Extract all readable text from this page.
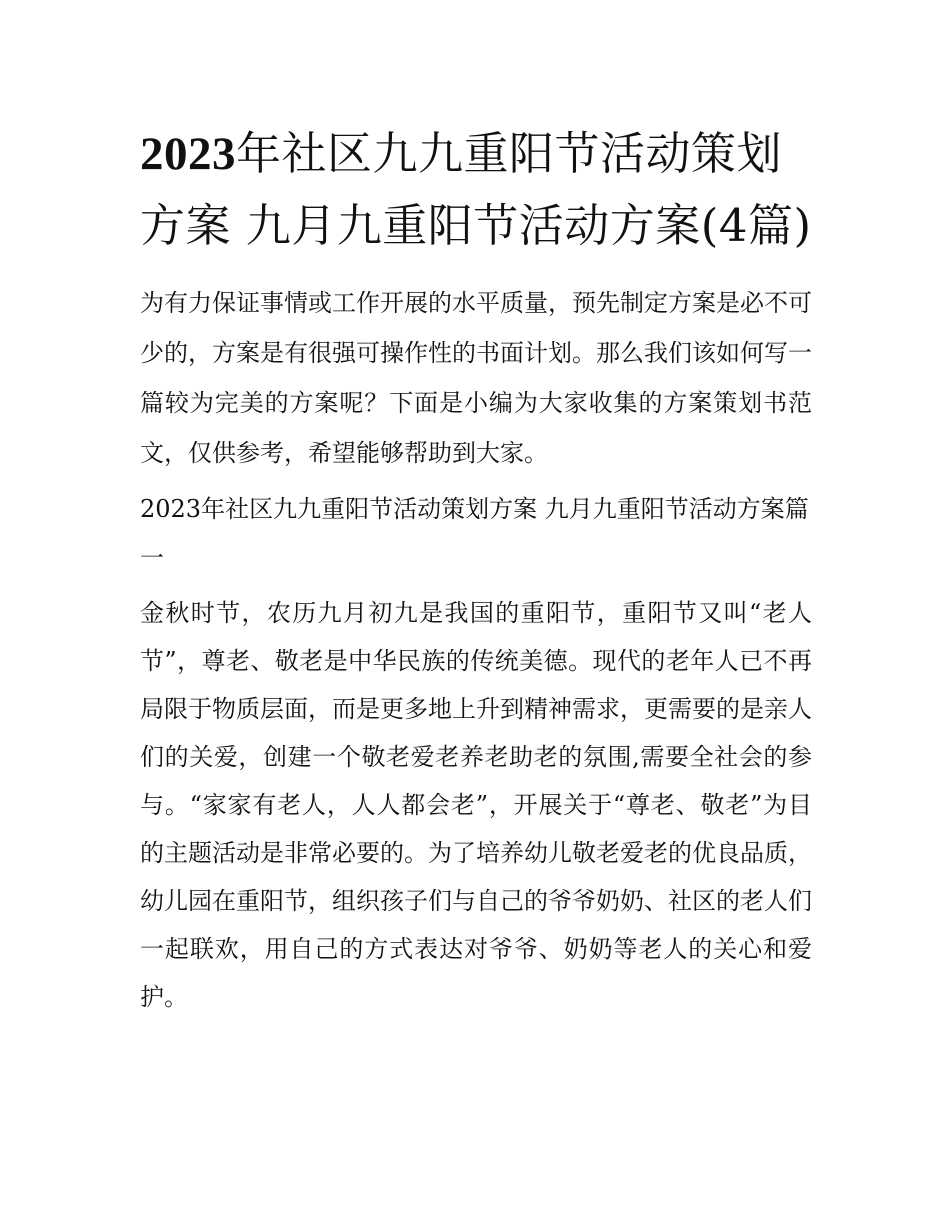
2023年社区九九重阳节活动策划方案 九月九重阳节活动方案(4篇)

为有力保证事情或工作开展的水平质量，预先制定方案是必不可少的，方案是有很强可操作性的书面计划。那么我们该如何写一篇较为完美的方案呢？下面是小编为大家收集的方案策划书范文，仅供参考，希望能够帮助到大家。

2023年社区九九重阳节活动策划方案 九月九重阳节活动方案篇一

金秋时节，农历九月初九是我国的重阳节，重阳节又叫“老人节”，尊老、敬老是中华民族的传统美德。现代的老年人已不再局限于物质层面，而是更多地上升到精神需求，更需要的是亲人们的关爱，创建一个敬老爱老养老助老的氛围,需要全社会的参与。“家家有老人，人人都会老”，开展关于“尊老、敬老”为目的主题活动是非常必要的。为了培养幼儿敬老爱老的优良品质，幼儿园在重阳节，组织孩子们与自己的爷爷奶奶、社区的老人们一起联欢，用自己的方式表达对爷爷、奶奶等老人的关心和爱护。
